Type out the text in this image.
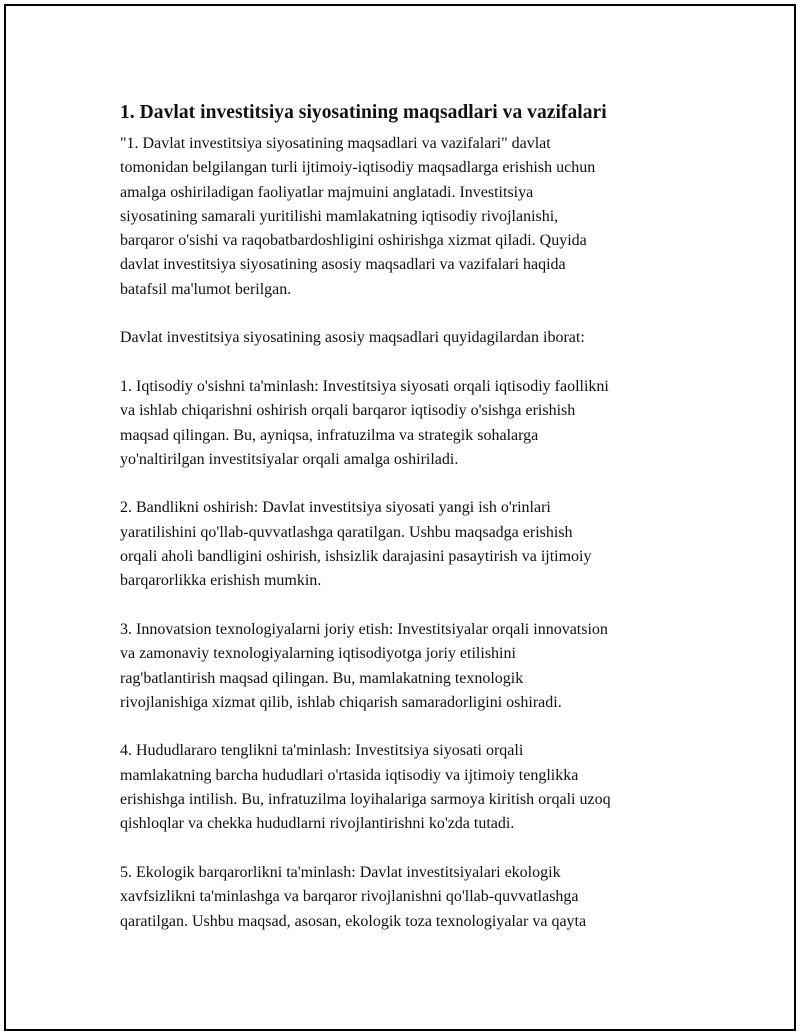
1. Davlat investitsiya siyosatining maqsadlari va vazifalari

"1. Davlat investitsiya siyosatining maqsadlari va vazifalari" davlat
tomonidan belgilangan turli ijtimoiy-iqtisodiy maqsadlarga erishish uchun
amalga oshiriladigan faoliyatlar majmuini anglatadi. Investitsiya
siyosatining samarali yuritilishi mamlakatning iqtisodiy rivojlanishi,
barqaror o'sishi va raqobatbardoshligini oshirishga xizmat qiladi. Quyida
davlat investitsiya siyosatining asosiy maqsadlari va vazifalari haqida
batafsil ma'lumot berilgan.

Davlat investitsiya siyosatining asosiy maqsadlari quyidagilardan iborat:

1. Iqtisodiy o'sishni ta'minlash: Investitsiya siyosati orqali iqtisodiy faollikni
va ishlab chiqarishni oshirish orqali barqaror iqtisodiy o'sishga erishish
maqsad qilingan. Bu, ayniqsa, infratuzilma va strategik sohalarga
yo'naltirilgan investitsiyalar orqali amalga oshiriladi.

2. Bandlikni oshirish: Davlat investitsiya siyosati yangi ish o'rinlari
yaratilishini qo'llab-quvvatlashga qaratilgan. Ushbu maqsadga erishish
orqali aholi bandligini oshirish, ishsizlik darajasini pasaytirish va ijtimoiy
barqarorlikka erishish mumkin.

3. Innovatsion texnologiyalarni joriy etish: Investitsiyalar orqali innovatsion
va zamonaviy texnologiyalarning iqtisodiyotga joriy etilishini
rag'batlantirish maqsad qilingan. Bu, mamlakatning texnologik
rivojlanishiga xizmat qilib, ishlab chiqarish samaradorligini oshiradi.

4. Hududlararo tenglikni ta'minlash: Investitsiya siyosati orqali
mamlakatning barcha hududlari o'rtasida iqtisodiy va ijtimoiy tenglikka
erishishga intilish. Bu, infratuzilma loyihalariga sarmoya kiritish orqali uzoq
qishloqlar va chekka hududlarni rivojlantirishni ko'zda tutadi.

5. Ekologik barqarorlikni ta'minlash: Davlat investitsiyalari ekologik
xavfsizlikni ta'minlashga va barqaror rivojlanishni qo'llab-quvvatlashga
qaratilgan. Ushbu maqsad, asosan, ekologik toza texnologiyalar va qayta
